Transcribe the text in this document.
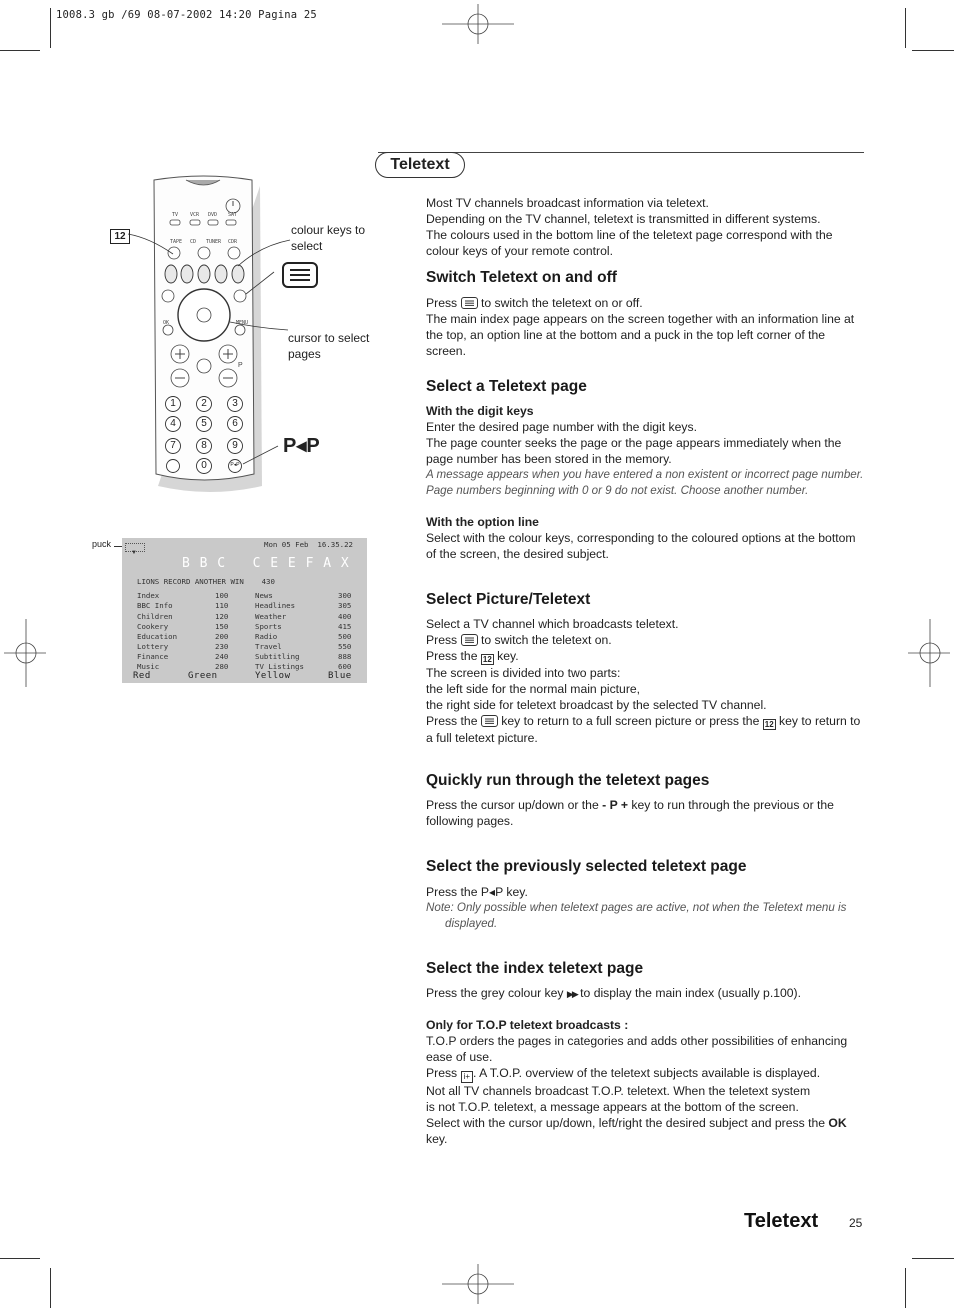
1008.3 gb /69 08-07-2002 14:20 Pagina 25
Teletext
TV VCR DVD SAT
TAPE CD TUNER CDR
OK	MENU
P
1	2	3
4	5	6
7	8	9
0	P◂P
12
P◂P
colour keys to
select
cursor to select
pages
puck
▼
Mon 05 Feb  16.35.22
B B C   C E E F A X
LIONS RECORD ANOTHER WIN    430
Index	100
BBC Info	110
Children	120
Cookery	150
Education	200
Lottery	230
Finance	240
Music	280
News	300
Headlines	305
Weather	400
Sports	415
Radio	500
Travel	550
Subtitling	888
TV Listings	600
Red	Green	Yellow	Blue

Most TV channels broadcast information via teletext.

Depending on the TV channel, teletext is transmitted in different systems.

The colours used in the bottom line of the teletext page correspond with the colour keys of your remote control.

Switch Teletext on and off

Press to switch the teletext on or off.

The main index page appears on the screen together with an information line at the top, an option line at the bottom and a puck in the top left corner of the screen.

Select a Teletext page

With the digit keys

Enter the desired page number with the digit keys.

The page counter seeks the page or the page appears immediately when the page number has been stored in the memory.

A message appears when you have entered a non existent or incorrect page number. Page numbers beginning with 0 or 9 do not exist. Choose another number.

With the option line

Select with the colour keys, corresponding to the coloured options at the bottom of the screen, the desired subject.

Select Picture/Teletext

Select a TV channel which broadcasts teletext.

Press to switch the teletext on.

Press the 12 key.

The screen is divided into two parts:

the left side for the normal main picture,

the right side for teletext broadcast by the selected TV channel.

Press the key to return to a full screen picture or press the 12 key to return to a full teletext picture.

Quickly run through the teletext pages

Press the cursor up/down or the - P + key to run through the previous or the following pages.

Select the previously selected teletext page

Press the P◂P key.

Note: Only possible when teletext pages are active, not when the Teletext menu is displayed.

Select the index teletext page

Press the grey colour key ▶▶ to display the main index (usually p.100).

Only for T.O.P teletext broadcasts :

T.O.P orders the pages in categories and adds other possibilities of enhancing ease of use.

Press i+ . A T.O.P. overview of the teletext subjects available is displayed.

Not all TV channels broadcast T.O.P. teletext. When the teletext system

is not T.O.P. teletext, a message appears at the bottom of the screen.

Select with the cursor up/down, left/right the desired subject and press the OK key.

Teletext	25
